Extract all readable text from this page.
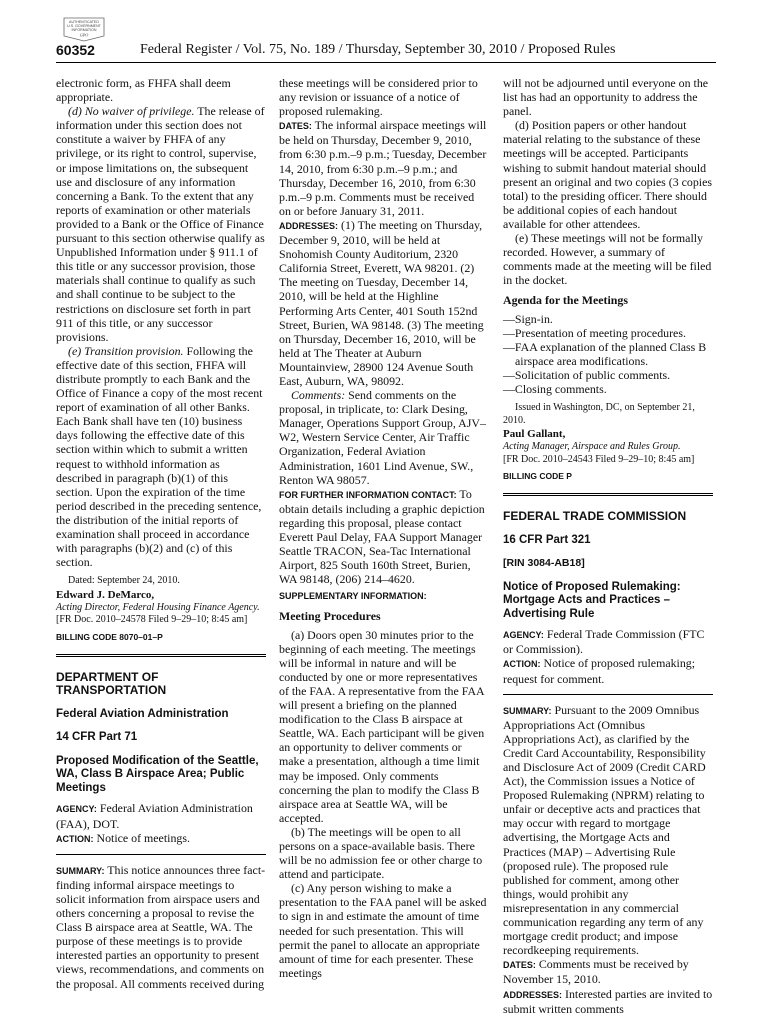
AUTHENTICATED
U.S. GOVERNMENT
INFORMATION
GPO
60352	Federal Register / Vol. 75, No. 189 / Thursday, September 30, 2010 / Proposed Rules

electronic form, as FHFA shall deem appropriate.

(d) No waiver of privilege. The release of information under this section does not constitute a waiver by FHFA of any privilege, or its right to control, supervise, or impose limitations on, the subsequent use and disclosure of any information concerning a Bank. To the extent that any reports of examination or other materials provided to a Bank or the Office of Finance pursuant to this section otherwise qualify as Unpublished Information under § 911.1 of this title or any successor provision, those materials shall continue to qualify as such and shall continue to be subject to the restrictions on disclosure set forth in part 911 of this title, or any successor provisions.

(e) Transition provision. Following the effective date of this section, FHFA will distribute promptly to each Bank and the Office of Finance a copy of the most recent report of examination of all other Banks. Each Bank shall have ten (10) business days following the effective date of this section within which to submit a written request to withhold information as described in paragraph (b)(1) of this section. Upon the expiration of the time period described in the preceding sentence, the distribution of the initial reports of examination shall proceed in accordance with paragraphs (b)(2) and (c) of this section.

Dated: September 24, 2010.

Edward J. DeMarco,

Acting Director, Federal Housing Finance Agency.

[FR Doc. 2010–24578 Filed 9–29–10; 8:45 am]

BILLING CODE 8070–01–P

DEPARTMENT OF TRANSPORTATION

Federal Aviation Administration

14 CFR Part 71

Proposed Modification of the Seattle, WA, Class B Airspace Area; Public Meetings

AGENCY: Federal Aviation Administration (FAA), DOT.

ACTION: Notice of meetings.

SUMMARY: This notice announces three fact-finding informal airspace meetings to solicit information from airspace users and others concerning a proposal to revise the Class B airspace area at Seattle, WA. The purpose of these meetings is to provide interested parties an opportunity to present views, recommendations, and comments on the proposal. All comments received during

these meetings will be considered prior to any revision or issuance of a notice of proposed rulemaking.

DATES: The informal airspace meetings will be held on Thursday, December 9, 2010, from 6:30 p.m.–9 p.m.; Tuesday, December 14, 2010, from 6:30 p.m.–9 p.m.; and Thursday, December 16, 2010, from 6:30 p.m.–9 p.m. Comments must be received on or before January 31, 2011.

ADDRESSES: (1) The meeting on Thursday, December 9, 2010, will be held at Snohomish County Auditorium, 2320 California Street, Everett, WA 98201. (2) The meeting on Tuesday, December 14, 2010, will be held at the Highline Performing Arts Center, 401 South 152nd Street, Burien, WA 98148. (3) The meeting on Thursday, December 16, 2010, will be held at The Theater at Auburn Mountainview, 28900 124 Avenue South East, Auburn, WA, 98092.

Comments: Send comments on the proposal, in triplicate, to: Clark Desing, Manager, Operations Support Group, AJV–W2, Western Service Center, Air Traffic Organization, Federal Aviation Administration, 1601 Lind Avenue, SW., Renton WA 98057.

FOR FURTHER INFORMATION CONTACT: To obtain details including a graphic depiction regarding this proposal, please contact Everett Paul Delay, FAA Support Manager Seattle TRACON, Sea-Tac International Airport, 825 South 160th Street, Burien, WA 98148, (206) 214–4620.

SUPPLEMENTARY INFORMATION:

Meeting Procedures

(a) Doors open 30 minutes prior to the beginning of each meeting. The meetings will be informal in nature and will be conducted by one or more representatives of the FAA. A representative from the FAA will present a briefing on the planned modification to the Class B airspace at Seattle, WA. Each participant will be given an opportunity to deliver comments or make a presentation, although a time limit may be imposed. Only comments concerning the plan to modify the Class B airspace area at Seattle WA, will be accepted.

(b) The meetings will be open to all persons on a space-available basis. There will be no admission fee or other charge to attend and participate.

(c) Any person wishing to make a presentation to the FAA panel will be asked to sign in and estimate the amount of time needed for such presentation. This will permit the panel to allocate an appropriate amount of time for each presenter. These meetings

will not be adjourned until everyone on the list has had an opportunity to address the panel.

(d) Position papers or other handout material relating to the substance of these meetings will be accepted. Participants wishing to submit handout material should present an original and two copies (3 copies total) to the presiding officer. There should be additional copies of each handout available for other attendees.

(e) These meetings will not be formally recorded. However, a summary of comments made at the meeting will be filed in the docket.

Agenda for the Meetings

—Sign-in.

—Presentation of meeting procedures.

—FAA explanation of the planned Class B airspace area modifications.

—Solicitation of public comments.

—Closing comments.

Issued in Washington, DC, on September 21, 2010.

Paul Gallant,

Acting Manager, Airspace and Rules Group.

[FR Doc. 2010–24543 Filed 9–29–10; 8:45 am]

BILLING CODE P

FEDERAL TRADE COMMISSION

16 CFR Part 321

[RIN 3084-AB18]

Notice of Proposed Rulemaking: Mortgage Acts and Practices – Advertising Rule

AGENCY: Federal Trade Commission (FTC or Commission).

ACTION: Notice of proposed rulemaking; request for comment.

SUMMARY: Pursuant to the 2009 Omnibus Appropriations Act (Omnibus Appropriations Act), as clarified by the Credit Card Accountability, Responsibility and Disclosure Act of 2009 (Credit CARD Act), the Commission issues a Notice of Proposed Rulemaking (NPRM) relating to unfair or deceptive acts and practices that may occur with regard to mortgage advertising, the Mortgage Acts and Practices (MAP) – Advertising Rule (proposed rule). The proposed rule published for comment, among other things, would prohibit any misrepresentation in any commercial communication regarding any term of any mortgage credit product; and impose recordkeeping requirements.

DATES: Comments must be received by November 15, 2010.

ADDRESSES: Interested parties are invited to submit written comments
